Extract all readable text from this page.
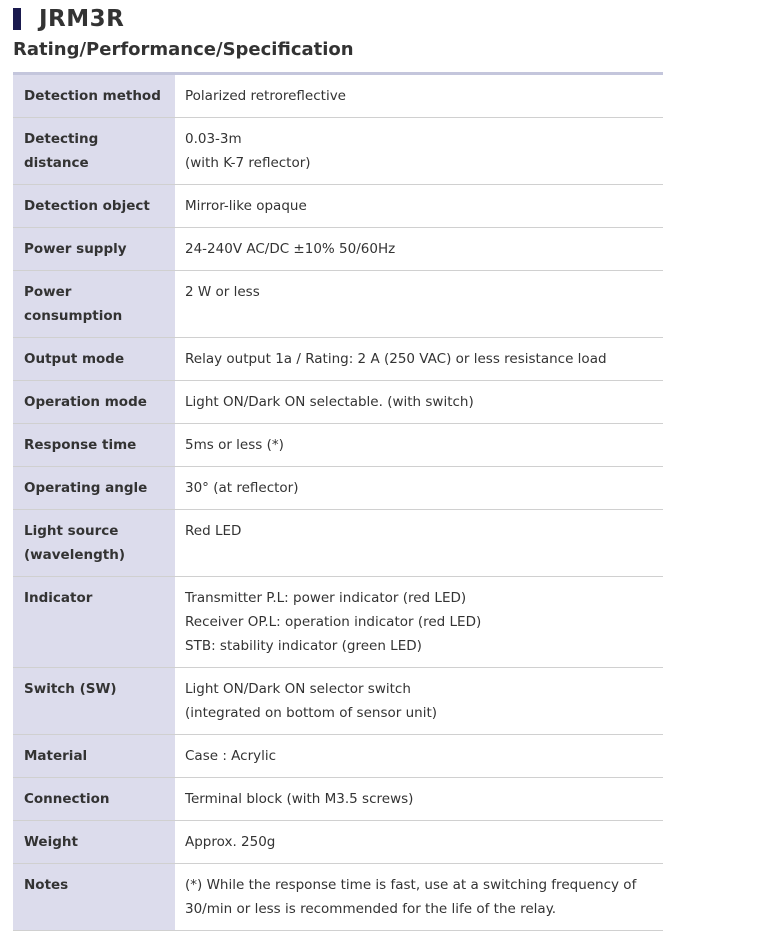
JRM3R
Rating/Performance/Specification
Detection method	Polarized retroreflective

Detecting distance	0.03-3m
(with K-7 reflector)

Detection object	Mirror-like opaque

Power supply	24-240V AC/DC ±10% 50/60Hz

Power consumption	2 W or less

Output mode	Relay output 1a / Rating: 2 A (250 VAC) or less resistance load

Operation mode	Light ON/Dark ON selectable. (with switch)

Response time	5ms or less (*)

Operating angle	30° (at reflector)

Light source (wavelength)	Red LED

Indicator	Transmitter P.L: power indicator (red LED)
Receiver OP.L: operation indicator (red LED)
STB: stability indicator (green LED)

Switch (SW)	Light ON/Dark ON selector switch
(integrated on bottom of sensor unit)

Material	Case : Acrylic

Connection	Terminal block (with M3.5 screws)

Weight	Approx. 250g

Notes	(*) While the response time is fast, use at a switching frequency of
30/min or less is recommended for the life of the relay.
